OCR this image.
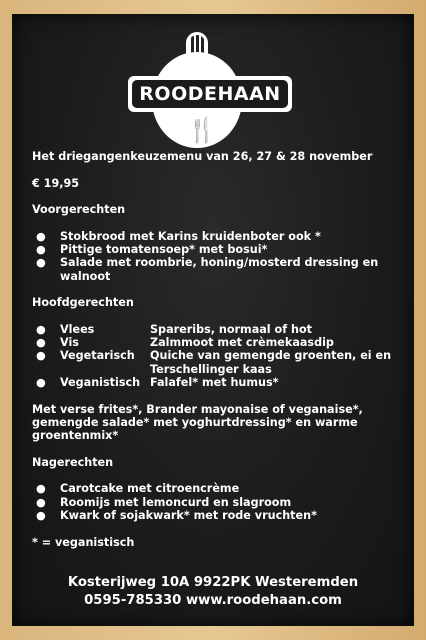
ROODEHAAN
🍴
Het driegangenkeuzemenu van 26, 27 & 28 november
€ 19,95
Voorgerechten
●	Stokbrood met Karins kruidenboter ook *
●	Pittige tomatensoep* met bosui*
●	Salade met roombrie, honing/mosterd dressing en walnoot
Hoofdgerechten
●	Vlees	Spareribs, normaal of hot
●	Vis	Zalmmoot met crèmekaasdip
●	Vegetarisch	Quiche van gemengde groenten, ei en Terschellinger kaas
●	Veganistisch Falafel* met humus*
Met verse frites*, Brander mayonaise of veganaise*, gemengde salade* met yoghurtdressing* en warme groentenmix*
Nagerechten
●	Carotcake met citroencrème
●	Roomijs met lemoncurd en slagroom
●	Kwark of sojakwark* met rode vruchten*
* = veganistisch
Kosterijweg 10A 9922PK Westeremden
0595-785330 www.roodehaan.com
